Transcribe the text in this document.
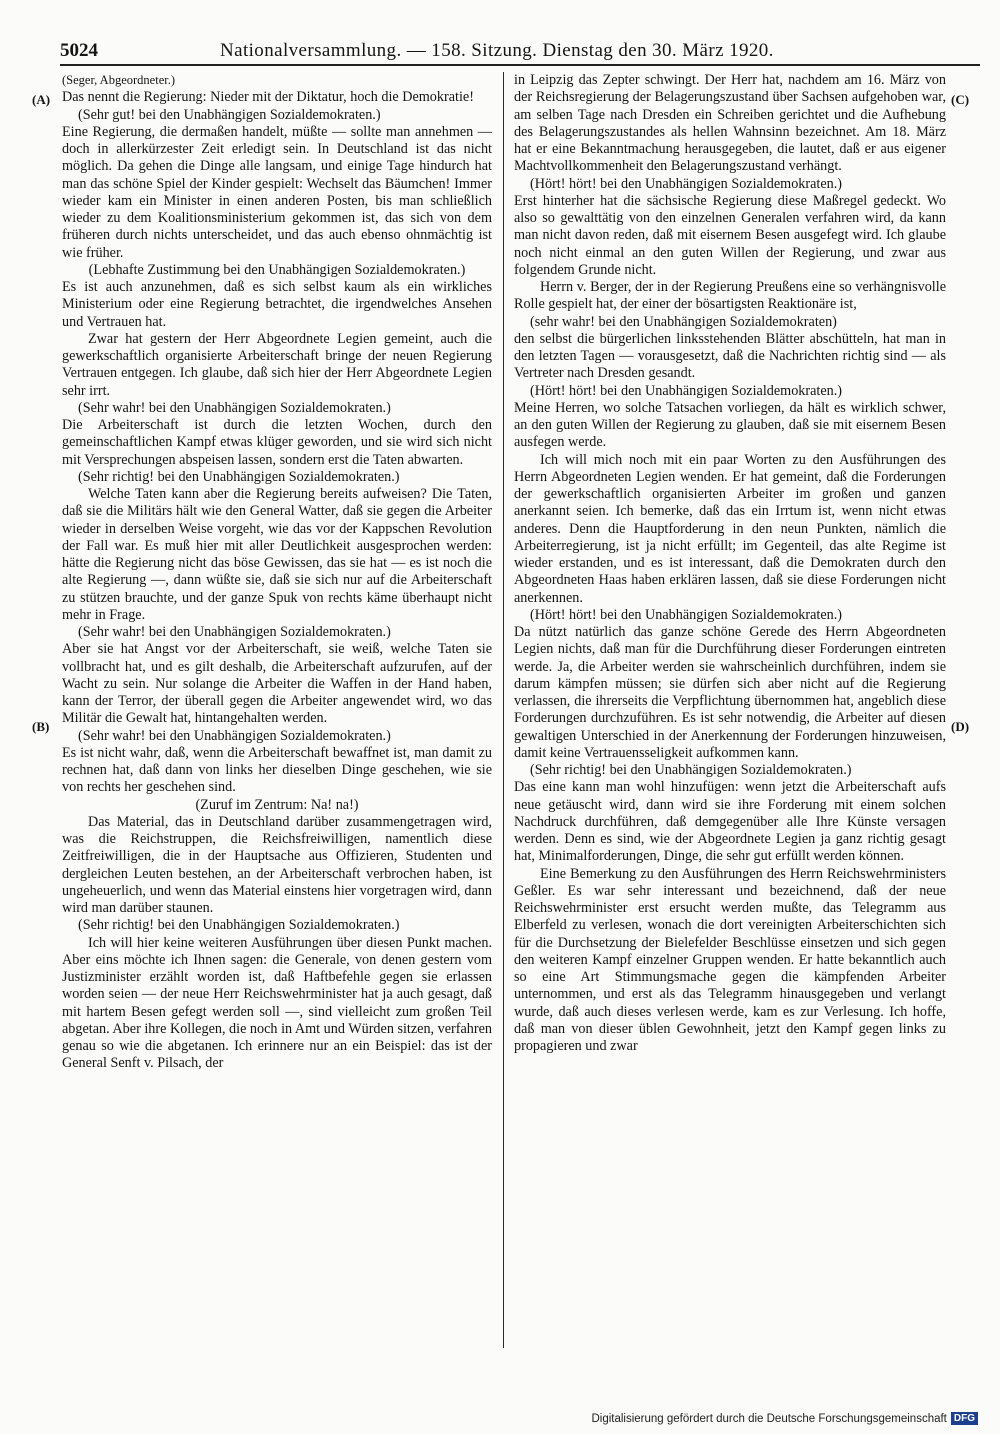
5024	Nationalversammlung. — 158. Sitzung. Dienstag den 30. März 1920.
(A)
(B)
(C)
(D)

(Seger, Abgeordneter.)

Das nennt die Regierung: Nieder mit der Diktatur, hoch die Demokratie!

(Sehr gut! bei den Unabhängigen Sozialdemokraten.)

Eine Regierung, die dermaßen handelt, müßte — sollte man annehmen — doch in allerkürzester Zeit erledigt sein. In Deutschland ist das nicht möglich. Da gehen die Dinge alle langsam, und einige Tage hindurch hat man das schöne Spiel der Kinder gespielt: Wechselt das Bäumchen! Immer wieder kam ein Minister in einen anderen Posten, bis man schließlich wieder zu dem Koalitionsministerium gekommen ist, das sich von dem früheren durch nichts unterscheidet, und das auch ebenso ohnmächtig ist wie früher.

(Lebhafte Zustimmung bei den Unabhängigen Sozialdemokraten.)

Es ist auch anzunehmen, daß es sich selbst kaum als ein wirkliches Ministerium oder eine Regierung betrachtet, die irgendwelches Ansehen und Vertrauen hat.

Zwar hat gestern der Herr Abgeordnete Legien gemeint, auch die gewerkschaftlich organisierte Arbeiterschaft bringe der neuen Regierung Vertrauen entgegen. Ich glaube, daß sich hier der Herr Abgeordnete Legien sehr irrt.

(Sehr wahr! bei den Unabhängigen Sozialdemokraten.)

Die Arbeiterschaft ist durch die letzten Wochen, durch den gemeinschaftlichen Kampf etwas klüger geworden, und sie wird sich nicht mit Versprechungen abspeisen lassen, sondern erst die Taten abwarten.

(Sehr richtig! bei den Unabhängigen Sozialdemokraten.)

Welche Taten kann aber die Regierung bereits aufweisen? Die Taten, daß sie die Militärs hält wie den General Watter, daß sie gegen die Arbeiter wieder in derselben Weise vorgeht, wie das vor der Kappschen Revolution der Fall war. Es muß hier mit aller Deutlichkeit ausgesprochen werden: hätte die Regierung nicht das böse Gewissen, das sie hat — es ist noch die alte Regierung —, dann wüßte sie, daß sie sich nur auf die Arbeiterschaft zu stützen brauchte, und der ganze Spuk von rechts käme überhaupt nicht mehr in Frage.

(Sehr wahr! bei den Unabhängigen Sozialdemokraten.)

Aber sie hat Angst vor der Arbeiterschaft, sie weiß, welche Taten sie vollbracht hat, und es gilt deshalb, die Arbeiterschaft aufzurufen, auf der Wacht zu sein. Nur solange die Arbeiter die Waffen in der Hand haben, kann der Terror, der überall gegen die Arbeiter angewendet wird, wo das Militär die Gewalt hat, hintangehalten werden.

(Sehr wahr! bei den Unabhängigen Sozialdemokraten.)

Es ist nicht wahr, daß, wenn die Arbeiterschaft bewaffnet ist, man damit zu rechnen hat, daß dann von links her dieselben Dinge geschehen, wie sie von rechts her geschehen sind.

(Zuruf im Zentrum: Na! na!)

Das Material, das in Deutschland darüber zusammengetragen wird, was die Reichstruppen, die Reichsfreiwilligen, namentlich diese Zeitfreiwilligen, die in der Hauptsache aus Offizieren, Studenten und dergleichen Leuten bestehen, an der Arbeiterschaft verbrochen haben, ist ungeheuerlich, und wenn das Material einstens hier vorgetragen wird, dann wird man darüber staunen.

(Sehr richtig! bei den Unabhängigen Sozialdemokraten.)

Ich will hier keine weiteren Ausführungen über diesen Punkt machen. Aber eins möchte ich Ihnen sagen: die Generale, von denen gestern vom Justizminister erzählt worden ist, daß Haftbefehle gegen sie erlassen worden seien — der neue Herr Reichswehrminister hat ja auch gesagt, daß mit hartem Besen gefegt werden soll —, sind vielleicht zum großen Teil abgetan. Aber ihre Kollegen, die noch in Amt und Würden sitzen, verfahren genau so wie die abgetanen. Ich erinnere nur an ein Beispiel: das ist der General Senft v. Pilsach, der

in Leipzig das Zepter schwingt. Der Herr hat, nachdem am 16. März von der Reichsregierung der Belagerungszustand über Sachsen aufgehoben war, am selben Tage nach Dresden ein Schreiben gerichtet und die Aufhebung des Belagerungszustandes als hellen Wahnsinn bezeichnet. Am 18. März hat er eine Bekanntmachung herausgegeben, die lautet, daß er aus eigener Machtvollkommenheit den Belagerungszustand verhängt.

(Hört! hört! bei den Unabhängigen Sozialdemokraten.)

Erst hinterher hat die sächsische Regierung diese Maßregel gedeckt. Wo also so gewalttätig von den einzelnen Generalen verfahren wird, da kann man nicht davon reden, daß mit eisernem Besen ausgefegt wird. Ich glaube noch nicht einmal an den guten Willen der Regierung, und zwar aus folgendem Grunde nicht.

Herrn v. Berger, der in der Regierung Preußens eine so verhängnisvolle Rolle gespielt hat, der einer der bösartigsten Reaktionäre ist,

(sehr wahr! bei den Unabhängigen Sozialdemokraten)

den selbst die bürgerlichen linksstehenden Blätter abschütteln, hat man in den letzten Tagen — vorausgesetzt, daß die Nachrichten richtig sind — als Vertreter nach Dresden gesandt.

(Hört! hört! bei den Unabhängigen Sozialdemokraten.)

Meine Herren, wo solche Tatsachen vorliegen, da hält es wirklich schwer, an den guten Willen der Regierung zu glauben, daß sie mit eisernem Besen ausfegen werde.

Ich will mich noch mit ein paar Worten zu den Ausführungen des Herrn Abgeordneten Legien wenden. Er hat gemeint, daß die Forderungen der gewerkschaftlich organisierten Arbeiter im großen und ganzen anerkannt seien. Ich bemerke, daß das ein Irrtum ist, wenn nicht etwas anderes. Denn die Hauptforderung in den neun Punkten, nämlich die Arbeiterregierung, ist ja nicht erfüllt; im Gegenteil, das alte Regime ist wieder erstanden, und es ist interessant, daß die Demokraten durch den Abgeordneten Haas haben erklären lassen, daß sie diese Forderungen nicht anerkennen.

(Hört! hört! bei den Unabhängigen Sozialdemokraten.)

Da nützt natürlich das ganze schöne Gerede des Herrn Abgeordneten Legien nichts, daß man für die Durchführung dieser Forderungen eintreten werde. Ja, die Arbeiter werden sie wahrscheinlich durchführen, indem sie darum kämpfen müssen; sie dürfen sich aber nicht auf die Regierung verlassen, die ihrerseits die Verpflichtung übernommen hat, angeblich diese Forderungen durchzuführen. Es ist sehr notwendig, die Arbeiter auf diesen gewaltigen Unterschied in der Anerkennung der Forderungen hinzuweisen, damit keine Vertrauensseligkeit aufkommen kann.

(Sehr richtig! bei den Unabhängigen Sozialdemokraten.)

Das eine kann man wohl hinzufügen: wenn jetzt die Arbeiterschaft aufs neue getäuscht wird, dann wird sie ihre Forderung mit einem solchen Nachdruck durchführen, daß demgegenüber alle Ihre Künste versagen werden. Denn es sind, wie der Abgeordnete Legien ja ganz richtig gesagt hat, Minimalforderungen, Dinge, die sehr gut erfüllt werden können.

Eine Bemerkung zu den Ausführungen des Herrn Reichswehrministers Geßler. Es war sehr interessant und bezeichnend, daß der neue Reichswehrminister erst ersucht werden mußte, das Telegramm aus Elberfeld zu verlesen, wonach die dort vereinigten Arbeiterschichten sich für die Durchsetzung der Bielefelder Beschlüsse einsetzen und sich gegen den weiteren Kampf einzelner Gruppen wenden. Er hatte bekanntlich auch so eine Art Stimmungsmache gegen die kämpfenden Arbeiter unternommen, und erst als das Telegramm hinausgegeben und verlangt wurde, daß auch dieses verlesen werde, kam es zur Verlesung. Ich hoffe, daß man von dieser üblen Gewohnheit, jetzt den Kampf gegen links zu propagieren und zwar

Digitalisierung gefördert durch die Deutsche Forschungsgemeinschaft DFG
